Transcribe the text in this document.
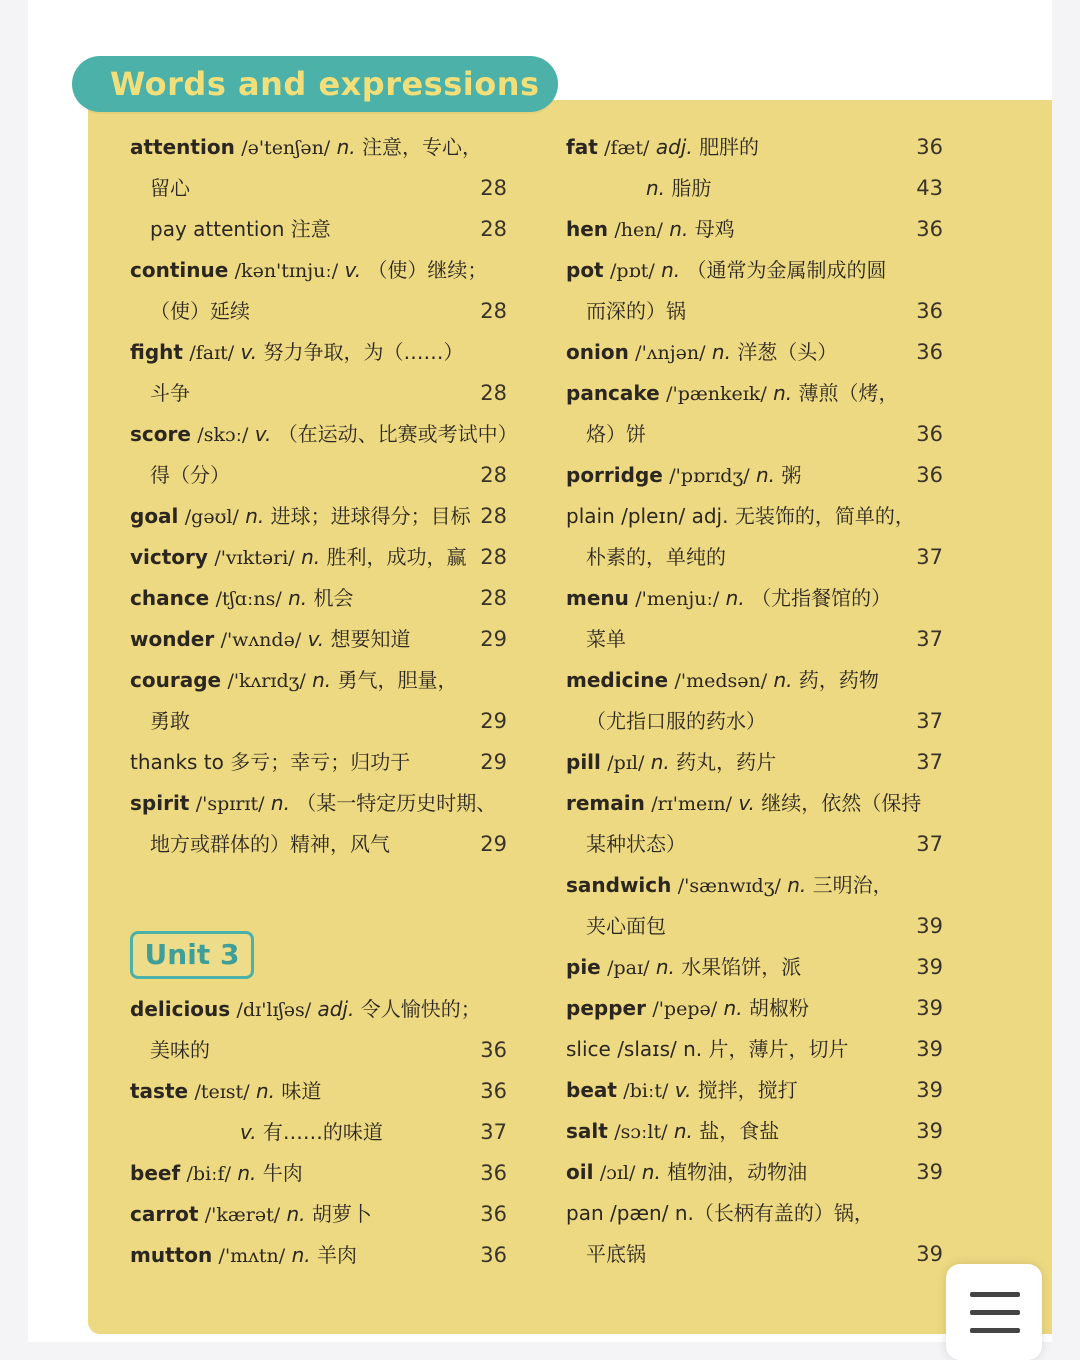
Words and expressions
Unit 3
attention /ə'tenʃən/ n. 注意，专心，
留心	28
pay attention 注意	28
continue /kən'tɪnjuː/ v. （使）继续；
（使）延续	28
fight /faɪt/ v. 努力争取，为（……）
斗争	28
score /skɔː/ v. （在运动、比赛或考试中）
得（分）	28
goal /gəʊl/ n. 进球；进球得分；目标 28
victory /'vɪktəri/ n. 胜利，成功，赢 28
chance /tʃɑːns/ n. 机会	28
wonder /'wʌndə/ v. 想要知道	29
courage /'kʌrɪdʒ/ n. 勇气，胆量，
勇敢	29
thanks to 多亏；幸亏；归功于	29
spirit /'spɪrɪt/ n. （某一特定历史时期、
地方或群体的）精神，风气	29
delicious /dɪ'lɪʃəs/ adj. 令人愉快的；
美味的	36
taste /teɪst/ n. 味道	36
v. 有……的味道	37
beef /biːf/ n. 牛肉	36
carrot /'kærət/ n. 胡萝卜	36
mutton /'mʌtn/ n. 羊肉	36
fat /fæt/ adj. 肥胖的	36
n. 脂肪	43
hen /hen/ n. 母鸡	36
pot /pɒt/ n. （通常为金属制成的圆
而深的）锅	36
onion /'ʌnjən/ n. 洋葱（头）	36
pancake /'pænkeɪk/ n. 薄煎（烤，
烙）饼	36
porridge /'pɒrɪdʒ/ n. 粥	36
plain /pleɪn/ adj. 无装饰的，简单的，
朴素的，单纯的	37
menu /'menjuː/ n. （尤指餐馆的）
菜单	37
medicine /'medsən/ n. 药，药物
（尤指口服的药水）	37
pill /pɪl/ n. 药丸，药片	37
remain /rɪ'meɪn/ v. 继续，依然（保持
某种状态）	37
sandwich /'sænwɪdʒ/ n. 三明治，
夹心面包	39
pie /paɪ/ n. 水果馅饼，派	39
pepper /'pepə/ n. 胡椒粉	39
slice /slaɪs/ n. 片，薄片，切片	39
beat /biːt/ v. 搅拌，搅打	39
salt /sɔːlt/ n. 盐，食盐	39
oil /ɔɪl/ n. 植物油，动物油	39
pan /pæn/ n.（长柄有盖的）锅，
平底锅	39
